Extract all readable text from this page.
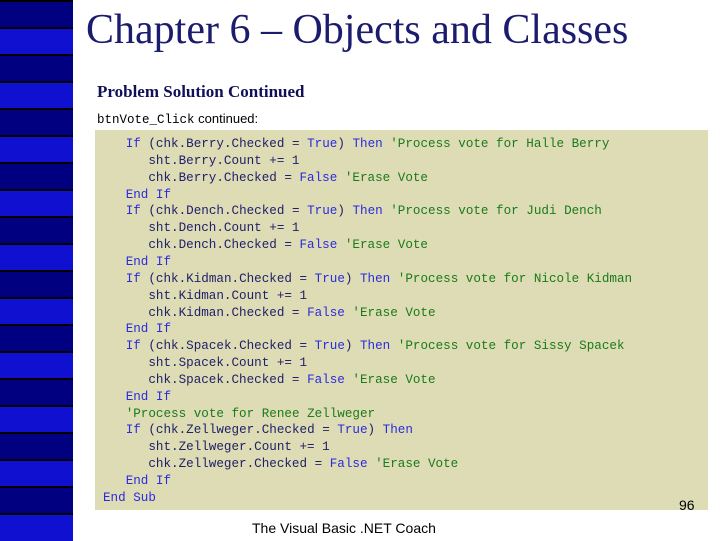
Chapter 6 – Objects and Classes
Problem Solution Continued
btnVote_Click continued:
If (chk.Berry.Checked = True) Then 'Process vote for Halle Berry
sht.Berry.Count += 1
chk.Berry.Checked = False 'Erase Vote
End If
If (chk.Dench.Checked = True) Then 'Process vote for Judi Dench
sht.Dench.Count += 1
chk.Dench.Checked = False 'Erase Vote
End If
If (chk.Kidman.Checked = True) Then 'Process vote for Nicole Kidman
sht.Kidman.Count += 1
chk.Kidman.Checked = False 'Erase Vote
End If
If (chk.Spacek.Checked = True) Then 'Process vote for Sissy Spacek
sht.Spacek.Count += 1
chk.Spacek.Checked = False 'Erase Vote
End If
'Process vote for Renee Zellweger
If (chk.Zellweger.Checked = True) Then
sht.Zellweger.Count += 1
chk.Zellweger.Checked = False 'Erase Vote
End If
End Sub	96
The Visual Basic .NET Coach
